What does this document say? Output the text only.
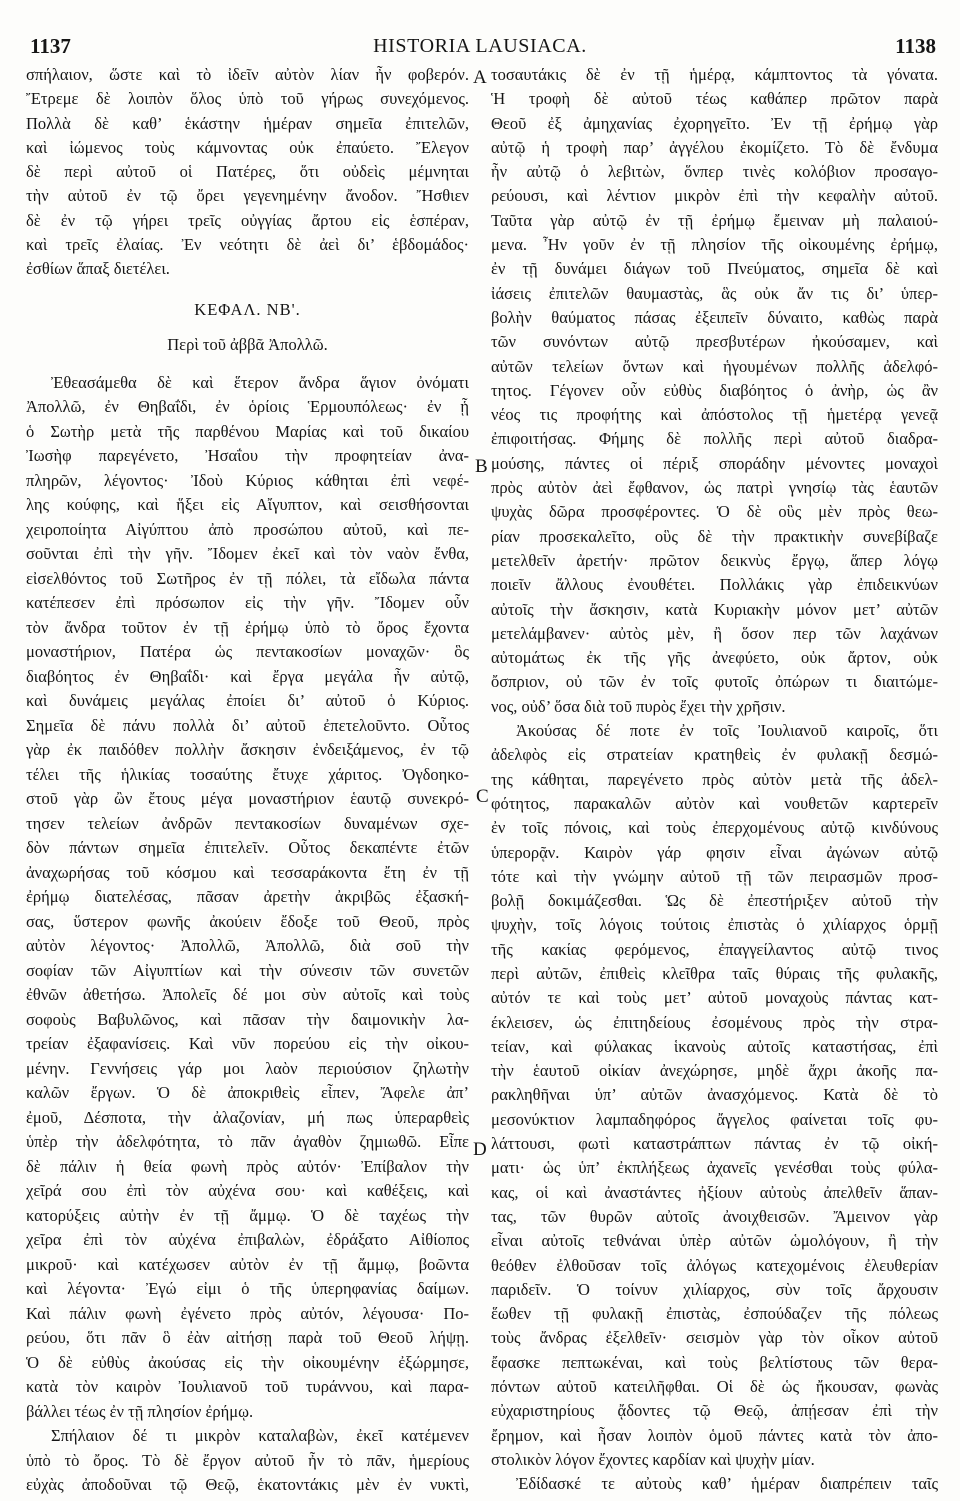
1137	HISTORIA LAUSIACA.	1138
σπήλαιον, ὥστε καὶ τὸ ἰδεῖν αὐτὸν λίαν ἦν φοβερόν.
Ἔτρεμε δὲ λοιπὸν ὅλος ὑπὸ τοῦ γήρως συνεχόμενος.
Πολλὰ δὲ καθ’ ἑκάστην ἡμέραν σημεῖα ἐπιτελῶν,
καὶ ἰώμενος τοὺς κάμνοντας οὐκ ἐπαύετο. Ἔλεγον
δὲ περὶ αὐτοῦ οἱ Πατέρες, ὅτι οὐδεὶς μέμνηται
τὴν αὐτοῦ ἐν τῷ ὄρει γεγενημένην ἄνοδον. Ἤσθιεν
δὲ ἐν τῷ γήρει τρεῖς οὐγγίας ἄρτου εἰς ἑσπέραν,
καὶ τρεῖς ἐλαίας. Ἐν νεότητι δὲ ἀεὶ δι’ ἑβδομάδος·
ἐσθίων ἅπαξ διετέλει.
ΚΕΦΑΛ. ΝΒ'.
Περὶ τοῦ ἀββᾶ Ἀπολλῶ.
Ἐθεασάμεθα δὲ καὶ ἕτερον ἄνδρα ἅγιον ὀνόματι
Ἀπολλῶ, ἐν Θηβαΐδι, ἐν ὁρίοις Ἑρμουπόλεως· ἐν ᾗ
ὁ Σωτὴρ μετὰ τῆς παρθένου Μαρίας καὶ τοῦ δικαίου
Ἰωσὴφ παρεγένετο, Ἠσαΐου τὴν προφητείαν ἀνα-
πληρῶν, λέγοντος· Ἰδοὺ Κύριος κάθηται ἐπὶ νεφέ-
λης κούφης, καὶ ἥξει εἰς Αἴγυπτον, καὶ σεισθήσονται
χειροποίητα Αἰγύπτου ἀπὸ προσώπου αὐτοῦ, καὶ πε-
σοῦνται ἐπὶ τὴν γῆν. Ἴδομεν ἐκεῖ καὶ τὸν ναὸν ἔνθα,
εἰσελθόντος τοῦ Σωτῆρος ἐν τῇ πόλει, τὰ εἴδωλα πάντα
κατέπεσεν ἐπὶ πρόσωπον εἰς τὴν γῆν. Ἴδομεν οὖν
τὸν ἄνδρα τοῦτον ἐν τῇ ἐρήμῳ ὑπὸ τὸ ὄρος ἔχοντα
μοναστήριον, Πατέρα ὡς πεντακοσίων μοναχῶν· ὃς
διαβόητος ἐν Θηβαΐδι· καὶ ἔργα μεγάλα ἦν αὐτῷ,
καὶ δυνάμεις μεγάλας ἐποίει δι’ αὐτοῦ ὁ Κύριος.
Σημεῖα δὲ πάνυ πολλὰ δι’ αὐτοῦ ἐπετελοῦντο. Οὗτος
γὰρ ἐκ παιδόθεν πολλὴν ἄσκησιν ἐνδειξάμενος, ἐν τῷ
τέλει τῆς ἡλικίας τοσαύτης ἔτυχε χάριτος. Ὀγδοηκο-
στοῦ γὰρ ὢν ἔτους μέγα μοναστήριον ἑαυτῷ συνεκρό-
τησεν τελείων ἀνδρῶν πεντακοσίων δυναμένων σχε-
δὸν πάντων σημεῖα ἐπιτελεῖν. Οὗτος δεκαπέντε ἐτῶν
ἀναχωρήσας τοῦ κόσμου καὶ τεσσαράκοντα ἔτη ἐν τῇ
ἐρήμῳ διατελέσας, πᾶσαν ἀρετὴν ἀκριβῶς ἐξασκή-
σας, ὕστερον φωνῆς ἀκούειν ἔδοξε τοῦ Θεοῦ, πρὸς
αὐτὸν λέγοντος· Ἀπολλῶ, Ἀπολλῶ, διὰ σοῦ τὴν
σοφίαν τῶν Αἰγυπτίων καὶ τὴν σύνεσιν τῶν συνετῶν
ἐθνῶν ἀθετήσω. Ἀπολεῖς δέ μοι σὺν αὐτοῖς καὶ τοὺς
σοφοὺς Βαβυλῶνος, καὶ πᾶσαν τὴν δαιμονικὴν λα-
τρείαν ἐξαφανίσεις. Καὶ νῦν πορεύου εἰς τὴν οἰκου-
μένην. Γεννήσεις γάρ μοι λαὸν περιούσιον ζηλωτὴν
καλῶν ἔργων. Ὁ δὲ ἀποκριθεὶς εἶπεν, Ἄφελε ἀπ’
ἐμοῦ, Δέσποτα, τὴν ἀλαζονίαν, μή πως ὑπεραρθεὶς
ὑπὲρ τὴν ἀδελφότητα, τὸ πᾶν ἀγαθὸν ζημιωθῶ. Εἶπε
δὲ πάλιν ἡ θεία φωνὴ πρὸς αὐτόν· Ἐπίβαλον τὴν
χεῖρά σου ἐπὶ τὸν αὐχένα σου· καὶ καθέξεις, καὶ
κατορύξεις αὐτὴν ἐν τῇ ἄμμῳ. Ὁ δὲ ταχέως τὴν
χεῖρα ἐπὶ τὸν αὐχένα ἐπιβαλὼν, ἐδράξατο Αἰθίοπος
μικροῦ· καὶ κατέχωσεν αὐτὸν ἐν τῇ ἄμμῳ, βοῶντα
καὶ λέγοντα· Ἐγώ εἰμι ὁ τῆς ὑπερηφανίας δαίμων.
Καὶ πάλιν φωνὴ ἐγένετο πρὸς αὐτόν, λέγουσα· Πο-
ρεύου, ὅτι πᾶν ὃ ἐὰν αἰτήσῃ παρὰ τοῦ Θεοῦ λήψῃ.
Ὁ δὲ εὐθὺς ἀκούσας εἰς τὴν οἰκουμένην ἐξώρμησε,
κατὰ τὸν καιρὸν Ἰουλιανοῦ τοῦ τυράννου, καὶ παρα-
βάλλει τέως ἐν τῇ πλησίον ἐρήμῳ.
Σπήλαιον δέ τι μικρὸν καταλαβὼν, ἐκεῖ κατέμενεν
ὑπὸ τὸ ὄρος. Τὸ δὲ ἔργον αὐτοῦ ἦν τὸ πᾶν, ἡμερίους
εὐχὰς ἀποδοῦναι τῷ Θεῷ, ἑκατοντάκις μὲν ἐν νυκτὶ,
τοσαυτάκις δὲ ἐν τῇ ἡμέρᾳ, κάμπτοντος τὰ γόνατα.
Ἡ τροφὴ δὲ αὐτοῦ τέως καθάπερ πρῶτον παρὰ
Θεοῦ ἐξ ἀμηχανίας ἐχορηγεῖτο. Ἐν τῇ ἐρήμῳ γὰρ
αὐτῷ ἡ τροφὴ παρ’ ἀγγέλου ἐκομίζετο. Τὸ δὲ ἔνδυμα
ἦν αὐτῷ ὁ λεβιτὼν, ὅνπερ τινὲς κολόβιον προσαγο-
ρεύουσι, καὶ λέντιον μικρὸν ἐπὶ τὴν κεφαλὴν αὐτοῦ.
Ταῦτα γὰρ αὐτῷ ἐν τῇ ἐρήμῳ ἔμειναν μὴ παλαιού-
μενα. Ἦν γοῦν ἐν τῇ πλησίον τῆς οἰκουμένης ἐρήμῳ,
ἐν τῇ δυνάμει διάγων τοῦ Πνεύματος, σημεῖα δὲ καὶ
ἰάσεις ἐπιτελῶν θαυμαστὰς, ἃς οὐκ ἄν τις δι’ ὑπερ-
βολὴν θαύματος πάσας ἐξειπεῖν δύναιτο, καθὼς παρὰ
τῶν συνόντων αὐτῷ πρεσβυτέρων ἠκούσαμεν, καὶ
αὐτῶν τελείων ὄντων καὶ ἡγουμένων πολλῆς ἀδελφό-
τητος. Γέγονεν οὖν εὐθὺς διαβόητος ὁ ἀνὴρ, ὡς ἂν
νέος τις προφήτης καὶ ἀπόστολος τῇ ἡμετέρᾳ γενεᾷ
ἐπιφοιτήσας. Φήμης δὲ πολλῆς περὶ αὐτοῦ διαδρα-
μούσης, πάντες οἱ πέριξ σποράδην μένοντες μοναχοὶ
πρὸς αὐτὸν ἀεὶ ἔφθανον, ὡς πατρὶ γνησίῳ τὰς ἑαυτῶν
ψυχὰς δῶρα προσφέροντες. Ὁ δὲ οὓς μὲν πρὸς θεω-
ρίαν προσεκαλεῖτο, οὓς δὲ τὴν πρακτικὴν συνεβίβαζε
μετελθεῖν ἀρετήν· πρῶτον δεικνὺς ἔργῳ, ἅπερ λόγῳ
ποιεῖν ἄλλους ἐνουθέτει. Πολλάκις γὰρ ἐπιδεικνύων
αὐτοῖς τὴν ἄσκησιν, κατὰ Κυριακὴν μόνον μετ’ αὐτῶν
μετελάμβανεν· αὐτὸς μὲν, ἢ ὅσον περ τῶν λαχάνων
αὐτομάτως ἐκ τῆς γῆς ἀνεφύετο, οὐκ ἄρτον, οὐκ
ὄσπριον, οὐ τῶν ἐν τοῖς φυτοῖς ὀπώρων τι διαιτώμε-
νος, οὐδ’ ὅσα διὰ τοῦ πυρὸς ἔχει τὴν χρῆσιν.
Ἀκούσας δέ ποτε ἐν τοῖς Ἰουλιανοῦ καιροῖς, ὅτι
ἀδελφὸς εἰς στρατείαν κρατηθεὶς ἐν φυλακῇ δεσμώ-
της κάθηται, παρεγένετο πρὸς αὐτὸν μετὰ τῆς ἀδελ-
φότητος, παρακαλῶν αὐτὸν καὶ νουθετῶν καρτερεῖν
ἐν τοῖς πόνοις, καὶ τοὺς ἐπερχομένους αὐτῷ κινδύνους
ὑπερορᾷν. Καιρὸν γάρ φησιν εἶναι ἀγώνων αὐτῷ
τότε καὶ τὴν γνώμην αὐτοῦ τῇ τῶν πειρασμῶν προσ-
βολῇ δοκιμάζεσθαι. Ὡς δὲ ἐπεστήριξεν αὐτοῦ τὴν
ψυχὴν, τοῖς λόγοις τούτοις ἐπιστὰς ὁ χιλίαρχος ὁρμῇ
τῆς κακίας φερόμενος, ἐπαγγείλαντος αὐτῷ τινος
περὶ αὐτῶν, ἐπιθεὶς κλεῖθρα ταῖς θύραις τῆς φυλακῆς,
αὐτόν τε καὶ τοὺς μετ’ αὐτοῦ μοναχοὺς πάντας κατ-
έκλεισεν, ὡς ἐπιτηδείους ἐσομένους πρὸς τὴν στρα-
τείαν, καὶ φύλακας ἱκανοὺς αὐτοῖς καταστήσας, ἐπὶ
τὴν ἑαυτοῦ οἰκίαν ἀνεχώρησε, μηδὲ ἄχρι ἀκοῆς πα-
ρακληθῆναι ὑπ’ αὐτῶν ἀνασχόμενος. Κατὰ δὲ τὸ
μεσονύκτιον λαμπαδηφόρος ἄγγελος φαίνεται τοῖς φυ-
λάττουσι, φωτὶ καταστράπτων πάντας ἐν τῷ οἰκή-
ματι· ὡς ὑπ’ ἐκπλήξεως ἀχανεῖς γενέσθαι τοὺς φύλα-
κας, οἱ καὶ ἀναστάντες ἠξίουν αὐτοὺς ἀπελθεῖν ἅπαν-
τας, τῶν θυρῶν αὐτοῖς ἀνοιχθεισῶν. Ἄμεινον γὰρ
εἶναι αὐτοῖς τεθνάναι ὑπὲρ αὐτῶν ὡμολόγουν, ἢ τὴν
θεόθεν ἐλθοῦσαν τοῖς ἀλόγως κατεχομένοις ἐλευθερίαν
παριδεῖν. Ὁ τοίνυν χιλίαρχος, σὺν τοῖς ἄρχουσιν
ἕωθεν τῇ φυλακῇ ἐπιστὰς, ἐσπούδαζεν τῆς πόλεως
τοὺς ἄνδρας ἐξελθεῖν· σεισμὸν γὰρ τὸν οἶκον αὐτοῦ
ἔφασκε πεπτωκέναι, καὶ τοὺς βελτίστους τῶν θερα-
πόντων αὐτοῦ κατειλῆφθαι. Οἱ δὲ ὡς ἤκουσαν, φωνὰς
εὐχαριστηρίους ᾄδοντες τῷ Θεῷ, ἀπῄεσαν ἐπὶ τὴν
ἔρημον, καὶ ἦσαν λοιπὸν ὁμοῦ πάντες κατὰ τὸν ἀπο-
στολικὸν λόγον ἔχοντες καρδίαν καὶ ψυχὴν μίαν.
Ἐδίδασκέ τε αὐτοὺς καθ’ ἡμέραν διαπρέπειν ταῖς
A
B
C
D
